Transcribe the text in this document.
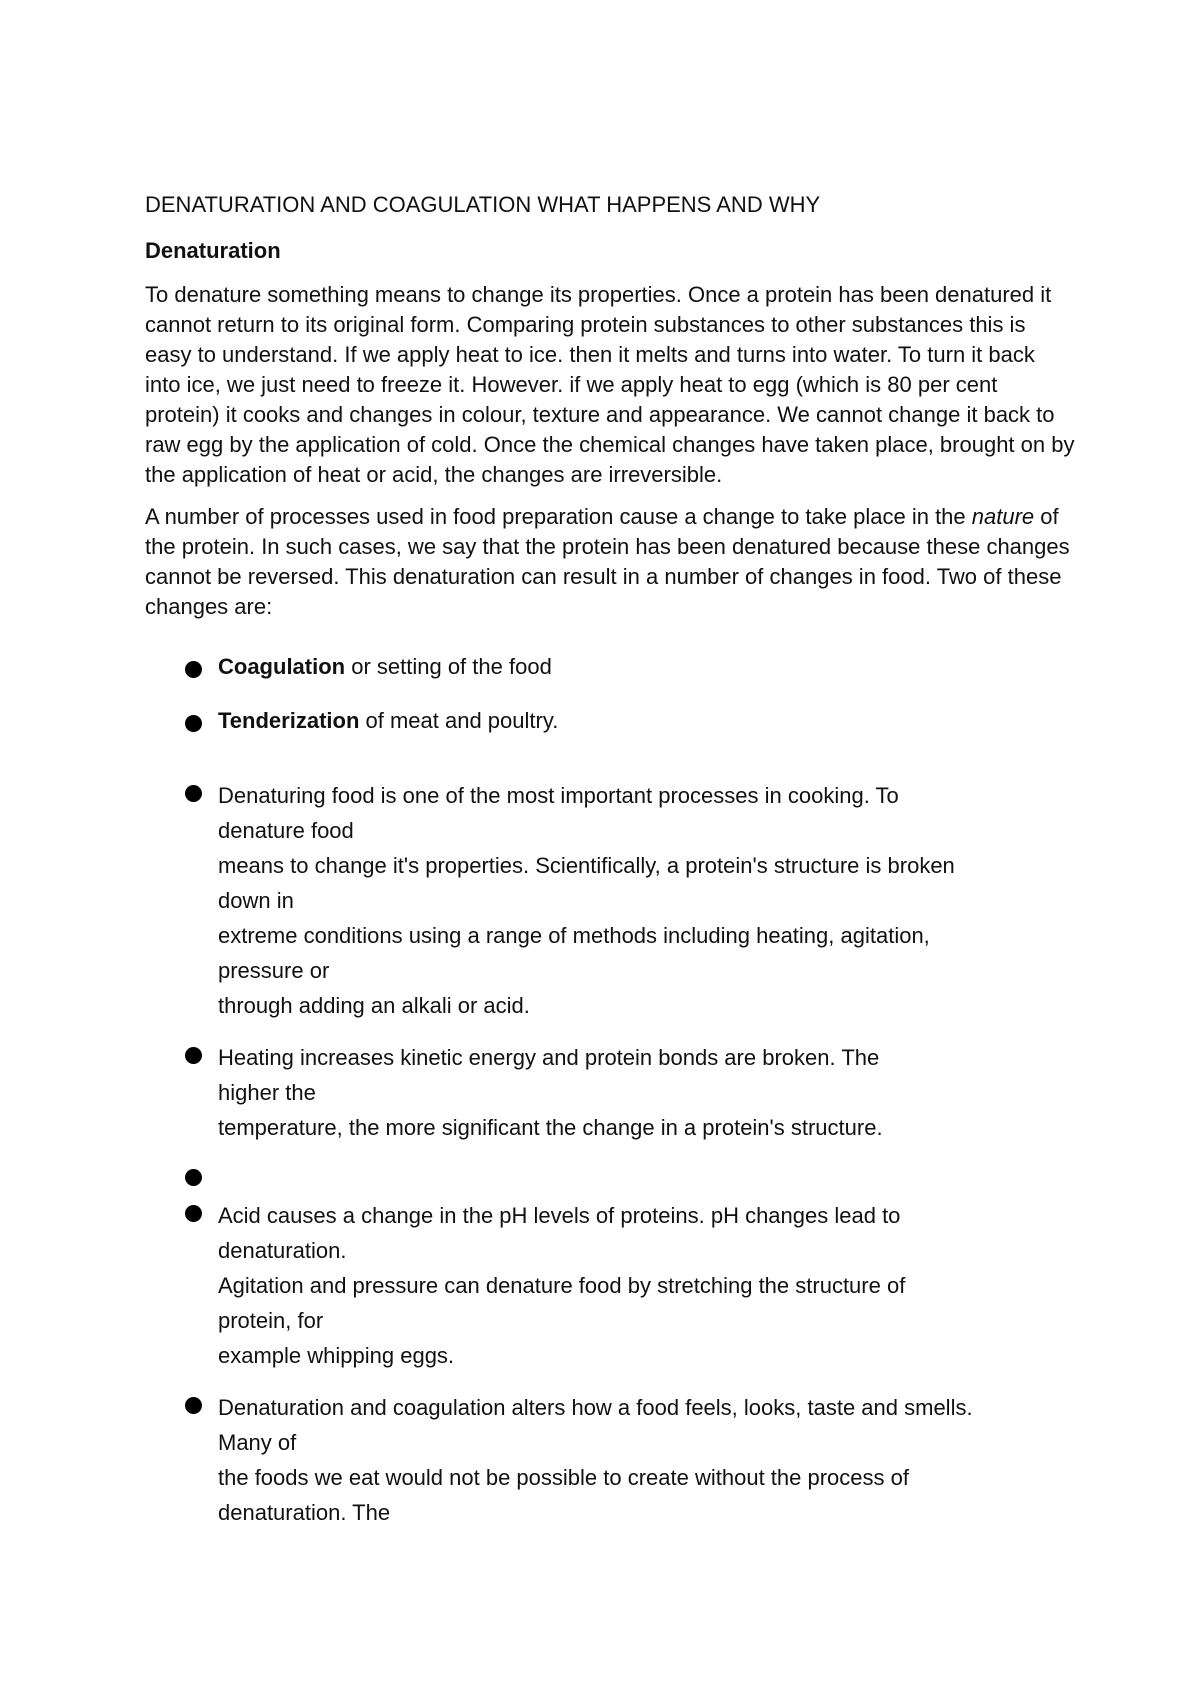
DENATURATION AND COAGULATION WHAT HAPPENS AND WHY
Denaturation

To denature something means to change its properties. Once a protein has been denatured it cannot return to its original form. Comparing protein substances to other substances this is easy to understand. If we apply heat to ice. then it melts and turns into water. To turn it back into ice, we just need to freeze it. However. if we apply heat to egg (which is 80 per cent protein) it cooks and changes in colour, texture and appearance. We cannot change it back to raw egg by the application of cold. Once the chemical changes have taken place, brought on by the application of heat or acid, the changes are irreversible.

A number of processes used in food preparation cause a change to take place in the nature of the protein. In such cases, we say that the protein has been denatured because these changes cannot be reversed. This denaturation can result in a number of changes in food. Two of these changes are:

Coagulation or setting of the food
Tenderization of meat and poultry.
Denaturing food is one of the most important processes in cooking. To
denature food
means to change it's properties. Scientifically, a protein's structure is broken
down in
extreme conditions using a range of methods including heating, agitation,
pressure or
through adding an alkali or acid.
Heating increases kinetic energy and protein bonds are broken. The
higher the
temperature, the more significant the change in a protein's structure.
Acid causes a change in the pH levels of proteins. pH changes lead to
denaturation.
Agitation and pressure can denature food by stretching the structure of
protein, for
example whipping eggs.
Denaturation and coagulation alters how a food feels, looks, taste and smells.
Many of
the foods we eat would not be possible to create without the process of
denaturation. The
